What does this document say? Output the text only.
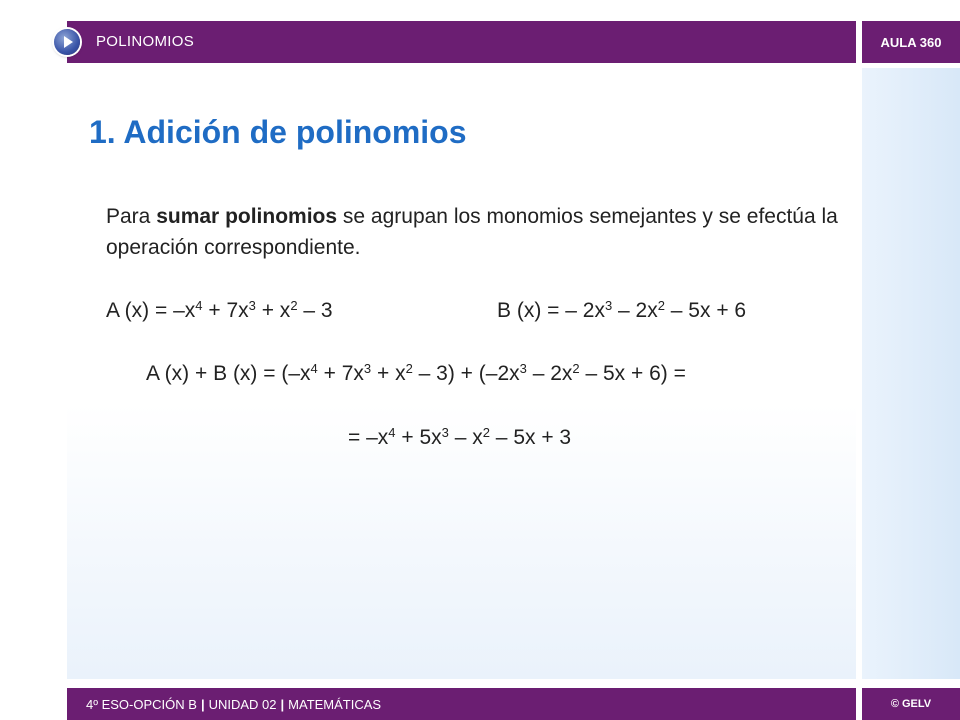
AULA 360
POLINOMIOS
1. Adición de polinomios

Para sumar polinomios se agrupan los monomios semejantes y se efectúa la operación correspondiente.

A $(x) = -x^4 + 7x^3 + x^2 - 3$	B (x) = – $2x^3 - 2x^2 - 5x + 6$
A (x) + B $(x) = (-x^4 + 7x^3 + x^2 - 3) + (-2x^3 - 2x^2 - 5x + 6)$ =
= $-x^4 + 5x^3 - x^2 - 5x + 3$
4º ESO-OPCIÓN B | UNIDAD 02 | MATEMÁTICAS	© GELV
